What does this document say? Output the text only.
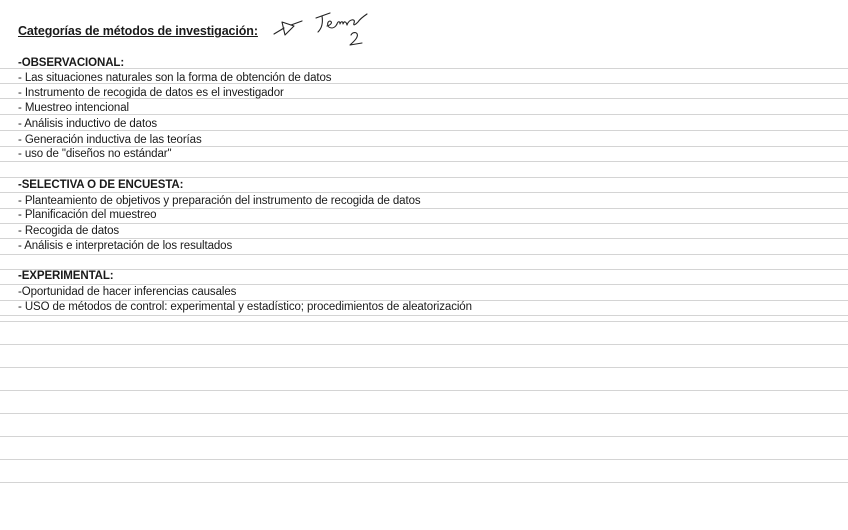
Categorías de métodos de investigación:
-OBSERVACIONAL:
- Las situaciones naturales son la forma de obtención de datos
- Instrumento de recogida de datos es el investigador
- Muestreo intencional
- Análisis inductivo de datos
- Generación inductiva de las teorías
- uso de "diseños no estándar"
-SELECTIVA O DE ENCUESTA:
- Planteamiento de objetivos y preparación del instrumento de recogida de datos
- Planificación del muestreo
- Recogida de datos
- Análisis e interpretación de los resultados
-EXPERIMENTAL:
-Oportunidad de hacer inferencias causales
- USO de métodos de control: experimental y estadístico; procedimientos de aleatorización
